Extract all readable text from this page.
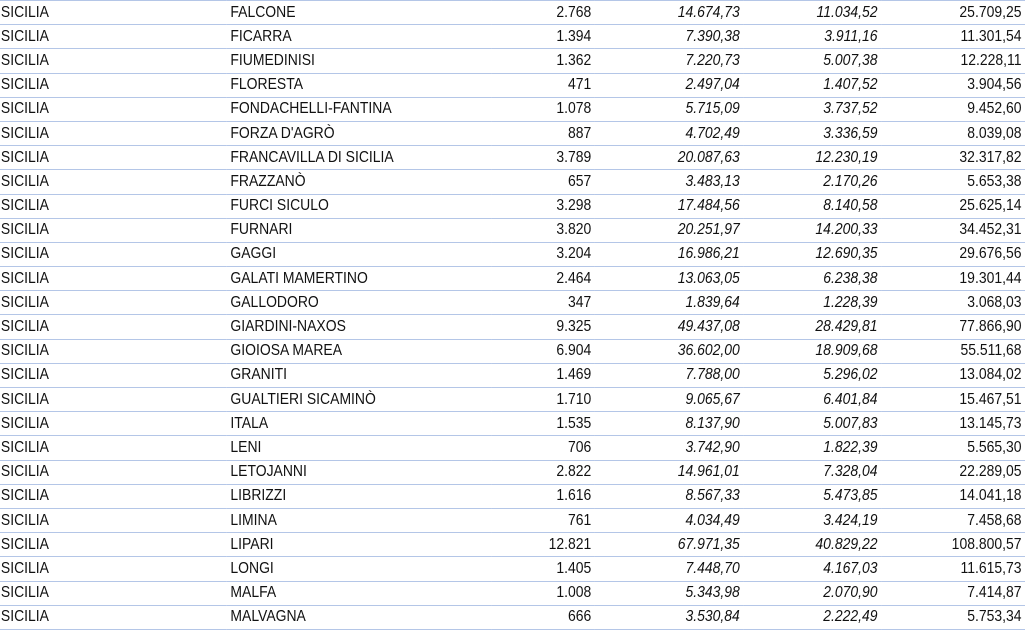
SICILIA	FALCONE	2.768	14.674,73	11.034,52	25.709,25
SICILIA	FICARRA	1.394	7.390,38	3.911,16	11.301,54
SICILIA	FIUMEDINISI	1.362	7.220,73	5.007,38	12.228,11
SICILIA	FLORESTA	471	2.497,04	1.407,52	3.904,56
SICILIA	FONDACHELLI-FANTINA	1.078	5.715,09	3.737,52	9.452,60
SICILIA	FORZA D'AGRÒ	887	4.702,49	3.336,59	8.039,08
SICILIA	FRANCAVILLA DI SICILIA	3.789	20.087,63	12.230,19	32.317,82
SICILIA	FRAZZANÒ	657	3.483,13	2.170,26	5.653,38
SICILIA	FURCI SICULO	3.298	17.484,56	8.140,58	25.625,14
SICILIA	FURNARI	3.820	20.251,97	14.200,33	34.452,31
SICILIA	GAGGI	3.204	16.986,21	12.690,35	29.676,56
SICILIA	GALATI MAMERTINO	2.464	13.063,05	6.238,38	19.301,44
SICILIA	GALLODORO	347	1.839,64	1.228,39	3.068,03
SICILIA	GIARDINI-NAXOS	9.325	49.437,08	28.429,81	77.866,90
SICILIA	GIOIOSA MAREA	6.904	36.602,00	18.909,68	55.511,68
SICILIA	GRANITI	1.469	7.788,00	5.296,02	13.084,02
SICILIA	GUALTIERI SICAMINÒ	1.710	9.065,67	6.401,84	15.467,51
SICILIA	ITALA	1.535	8.137,90	5.007,83	13.145,73
SICILIA	LENI	706	3.742,90	1.822,39	5.565,30
SICILIA	LETOJANNI	2.822	14.961,01	7.328,04	22.289,05
SICILIA	LIBRIZZI	1.616	8.567,33	5.473,85	14.041,18
SICILIA	LIMINA	761	4.034,49	3.424,19	7.458,68
SICILIA	LIPARI	12.821	67.971,35	40.829,22	108.800,57
SICILIA	LONGI	1.405	7.448,70	4.167,03	11.615,73
SICILIA	MALFA	1.008	5.343,98	2.070,90	7.414,87
SICILIA	MALVAGNA	666	3.530,84	2.222,49	5.753,34
